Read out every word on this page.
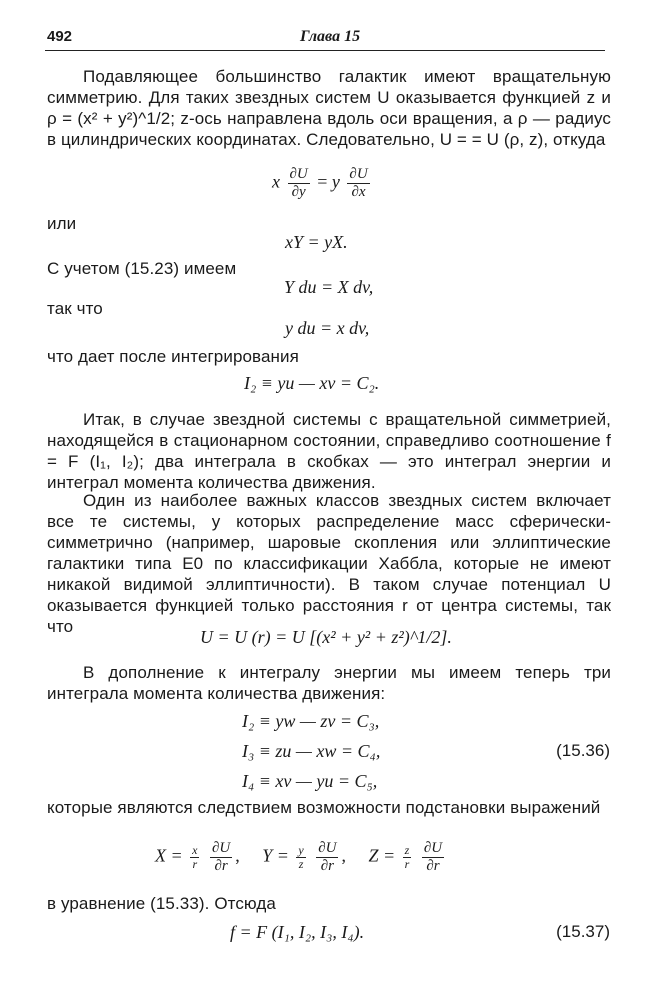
492	Глава 15
Подавляющее большинство галактик имеют вращательную симметрию. Для таких звездных систем U оказывается функцией z и ρ = (x² + y²)^1/2; z-ось направлена вдоль оси вращения, а ρ — радиус в цилиндрических координатах. Следовательно, U = = U (ρ, z), откуда
x $\frac{\partial U}{\partial y} = y \frac{\partial U}{\partial x}$
или
xY = yX.
С учетом (15.23) имеем
Y du = X dv,
так что
y du = x dv,
что дает после интегрирования
I₂ ≡ yu — xv = C₂.
Итак, в случае звездной системы с вращательной симметрией, находящейся в стационарном состоянии, справедливо соотношение f = F (I₁, I₂); два интеграла в скобках — это интеграл энергии и интеграл момента количества движения.
Один из наиболее важных классов звездных систем включает все те системы, у которых распределение масс сферически-симметрично (например, шаровые скопления или эллиптические галактики типа E0 по классификации Хаббла, которые не имеют никакой видимой эллиптичности). В таком случае потенциал U оказывается функцией только расстояния r от центра системы, так что
U = U (r) = U [(x² + y² + z²)^1/2].
В дополнение к интегралу энергии мы имеем теперь три интеграла момента количества движения:
I₂ ≡ yw — zv = C₃,
I₃ ≡ zu — xw = C₄,	(15.36)
I₄ ≡ xv — yu = C₅,
которые являются следствием возможности подстановки выражений
$X = \frac{x}{r}$
$\frac{\partial U}{\partial r}$ , $Y = \frac{y}{z}$
$\frac{\partial U}{\partial r}$ , $Z = \frac{z}{r}$
$\frac{\partial U}{\partial r}$
в уравнение (15.33). Отсюда
f = F (I₁, I₂, I₃, I₄).	(15.37)
